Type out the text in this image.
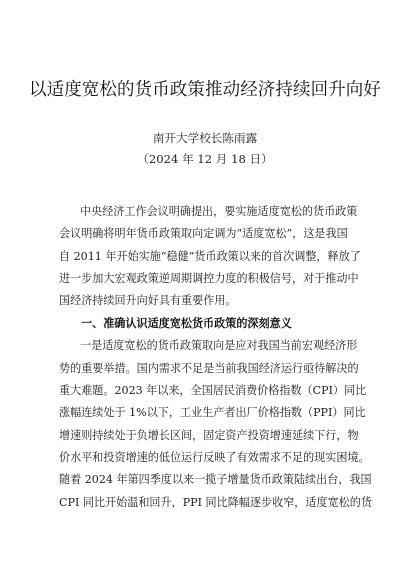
以适度宽松的货币政策推动经济持续回升向好
南开大学校长陈雨露
（2024 年 12 月 18 日）
中央经济工作会议明确提出，要实施适度宽松的货币政策
会议明确将明年货币政策取向定调为“适度宽松”，这是我国
自 2011 年开始实施“稳健”货币政策以来的首次调整，释放了
进一步加大宏观政策逆周期调控力度的积极信号，对于推动中
国经济持续回升向好具有重要作用。
一、准确认识适度宽松货币政策的深刻意义
一是适度宽松的货币政策取向是应对我国当前宏观经济形
势的重要举措。国内需求不足是当前我国经济运行亟待解决的
重大难题。2023 年以来，全国居民消费价格指数（CPI）同比
涨幅连续处于 1%以下，工业生产者出厂价格指数（PPI）同比
增速则持续处于负增长区间，固定资产投资增速延续下行，物
价水平和投资增速的低位运行反映了有效需求不足的现实困境。
随着 2024 年第四季度以来一揽子增量货币政策陆续出台，我国
CPI 同比开始温和回升，PPI 同比降幅逐步收窄，适度宽松的货
